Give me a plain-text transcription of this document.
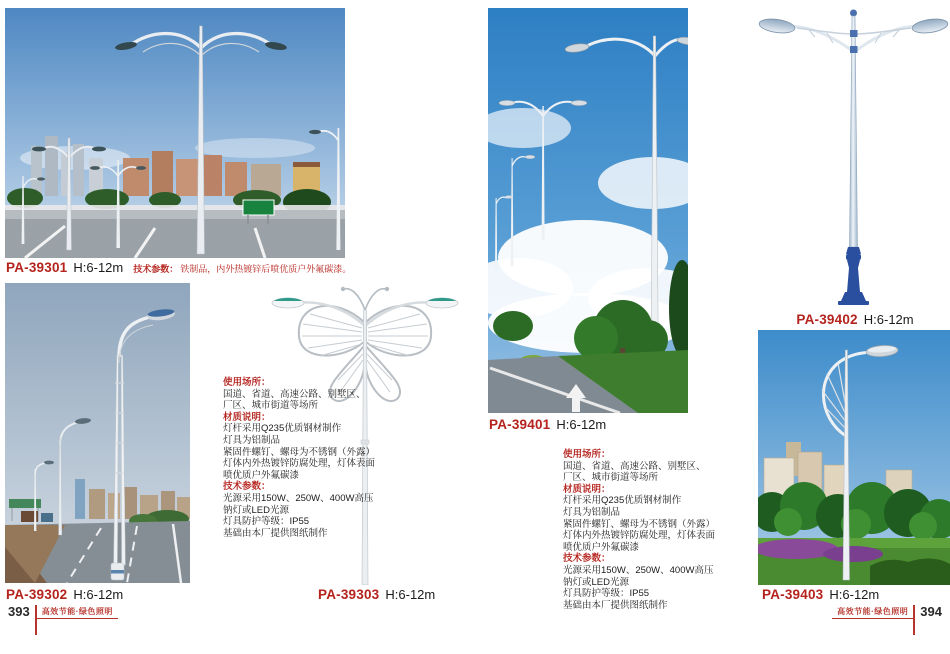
PA-39301 H:6-12m 技术参数： 铁制品，内外热镀锌后喷优质户外氟碳漆。
使用场所：
国道、省道、高速公路、别墅区、
厂区、城市街道等场所
材质说明：
灯杆采用Q235优质钢材制作
灯具为铝制品
紧固件螺钉、螺母为不锈钢（外露）
灯体内外热镀锌防腐处理，灯体表面
喷优质户外氟碳漆
技术参数：
光源采用150W、250W、400W高压
钠灯或LED光源
灯具防护等级：IP55
基础由本厂提供图纸制作
PA-39302 H:6-12m	PA-39303 H:6-12m
393	高效节能·绿色照明
PA-39401 H:6-12m
使用场所：
国道、省道、高速公路、别墅区、
厂区、城市街道等场所
材质说明：
灯杆采用Q235优质钢材制作
灯具为铝制品
紧固件螺钉、螺母为不锈钢（外露）
灯体内外热镀锌防腐处理，灯体表面
喷优质户外氟碳漆
技术参数：
光源采用150W、250W、400W高压
钠灯或LED光源
灯具防护等级：IP55
基础由本厂提供图纸制作
PA-39402 H:6-12m
PA-39403 H:6-12m
高效节能·绿色照明 394
